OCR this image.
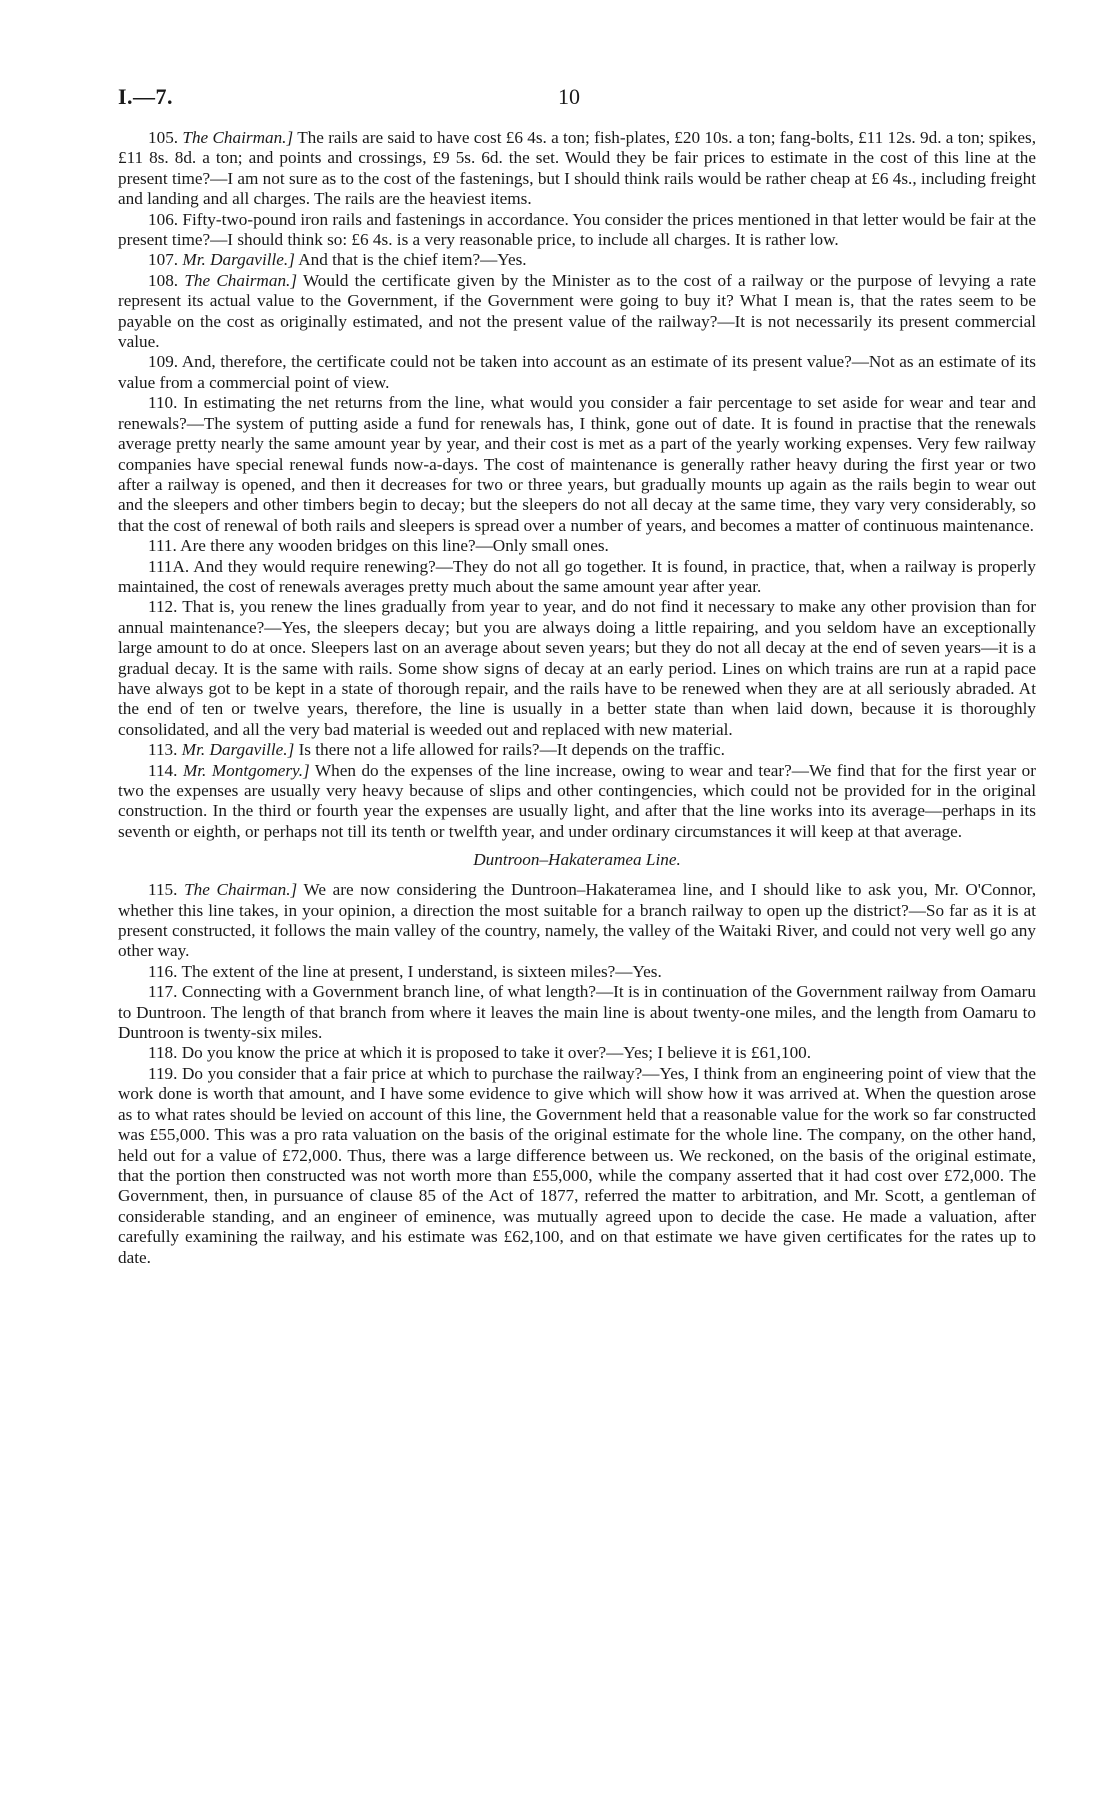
I.—7.	10

105. The Chairman.] The rails are said to have cost £6 4s. a ton; fish-plates, £20 10s. a ton; fang-bolts, £11 12s. 9d. a ton; spikes, £11 8s. 8d. a ton; and points and crossings, £9 5s. 6d. the set. Would they be fair prices to estimate in the cost of this line at the present time?—I am not sure as to the cost of the fastenings, but I should think rails would be rather cheap at £6 4s., including freight and landing and all charges. The rails are the heaviest items.

106. Fifty-two-pound iron rails and fastenings in accordance. You consider the prices mentioned in that letter would be fair at the present time?—I should think so: £6 4s. is a very reasonable price, to include all charges. It is rather low.

107. Mr. Dargaville.] And that is the chief item?—Yes.

108. The Chairman.] Would the certificate given by the Minister as to the cost of a railway or the purpose of levying a rate represent its actual value to the Government, if the Government were going to buy it? What I mean is, that the rates seem to be payable on the cost as originally estimated, and not the present value of the railway?—It is not necessarily its present commercial value.

109. And, therefore, the certificate could not be taken into account as an estimate of its present value?—Not as an estimate of its value from a commercial point of view.

110. In estimating the net returns from the line, what would you consider a fair percentage to set aside for wear and tear and renewals?—The system of putting aside a fund for renewals has, I think, gone out of date. It is found in practise that the renewals average pretty nearly the same amount year by year, and their cost is met as a part of the yearly working expenses. Very few railway companies have special renewal funds now-a-days. The cost of maintenance is generally rather heavy during the first year or two after a railway is opened, and then it decreases for two or three years, but gradually mounts up again as the rails begin to wear out and the sleepers and other timbers begin to decay; but the sleepers do not all decay at the same time, they vary very considerably, so that the cost of renewal of both rails and sleepers is spread over a number of years, and becomes a matter of continuous maintenance.

111. Are there any wooden bridges on this line?—Only small ones.

111A. And they would require renewing?—They do not all go together. It is found, in practice, that, when a railway is properly maintained, the cost of renewals averages pretty much about the same amount year after year.

112. That is, you renew the lines gradually from year to year, and do not find it necessary to make any other provision than for annual maintenance?—Yes, the sleepers decay; but you are always doing a little repairing, and you seldom have an exceptionally large amount to do at once. Sleepers last on an average about seven years; but they do not all decay at the end of seven years—it is a gradual decay. It is the same with rails. Some show signs of decay at an early period. Lines on which trains are run at a rapid pace have always got to be kept in a state of thorough repair, and the rails have to be renewed when they are at all seriously abraded. At the end of ten or twelve years, therefore, the line is usually in a better state than when laid down, because it is thoroughly consolidated, and all the very bad material is weeded out and replaced with new material.

113. Mr. Dargaville.] Is there not a life allowed for rails?—It depends on the traffic.

114. Mr. Montgomery.] When do the expenses of the line increase, owing to wear and tear?—We find that for the first year or two the expenses are usually very heavy because of slips and other contingencies, which could not be provided for in the original construction. In the third or fourth year the expenses are usually light, and after that the line works into its average—perhaps in its seventh or eighth, or perhaps not till its tenth or twelfth year, and under ordinary circumstances it will keep at that average.

Duntroon–Hakateramea Line.

115. The Chairman.] We are now considering the Duntroon–Hakateramea line, and I should like to ask you, Mr. O'Connor, whether this line takes, in your opinion, a direction the most suitable for a branch railway to open up the district?—So far as it is at present constructed, it follows the main valley of the country, namely, the valley of the Waitaki River, and could not very well go any other way.

116. The extent of the line at present, I understand, is sixteen miles?—Yes.

117. Connecting with a Government branch line, of what length?—It is in continuation of the Government railway from Oamaru to Duntroon. The length of that branch from where it leaves the main line is about twenty-one miles, and the length from Oamaru to Duntroon is twenty-six miles.

118. Do you know the price at which it is proposed to take it over?—Yes; I believe it is £61,100.

119. Do you consider that a fair price at which to purchase the railway?—Yes, I think from an engineering point of view that the work done is worth that amount, and I have some evidence to give which will show how it was arrived at. When the question arose as to what rates should be levied on account of this line, the Government held that a reasonable value for the work so far constructed was £55,000. This was a pro rata valuation on the basis of the original estimate for the whole line. The company, on the other hand, held out for a value of £72,000. Thus, there was a large difference between us. We reckoned, on the basis of the original estimate, that the portion then constructed was not worth more than £55,000, while the company asserted that it had cost over £72,000. The Government, then, in pursuance of clause 85 of the Act of 1877, referred the matter to arbitration, and Mr. Scott, a gentleman of considerable standing, and an engineer of eminence, was mutually agreed upon to decide the case. He made a valuation, after carefully examining the railway, and his estimate was £62,100, and on that estimate we have given certificates for the rates up to date.
